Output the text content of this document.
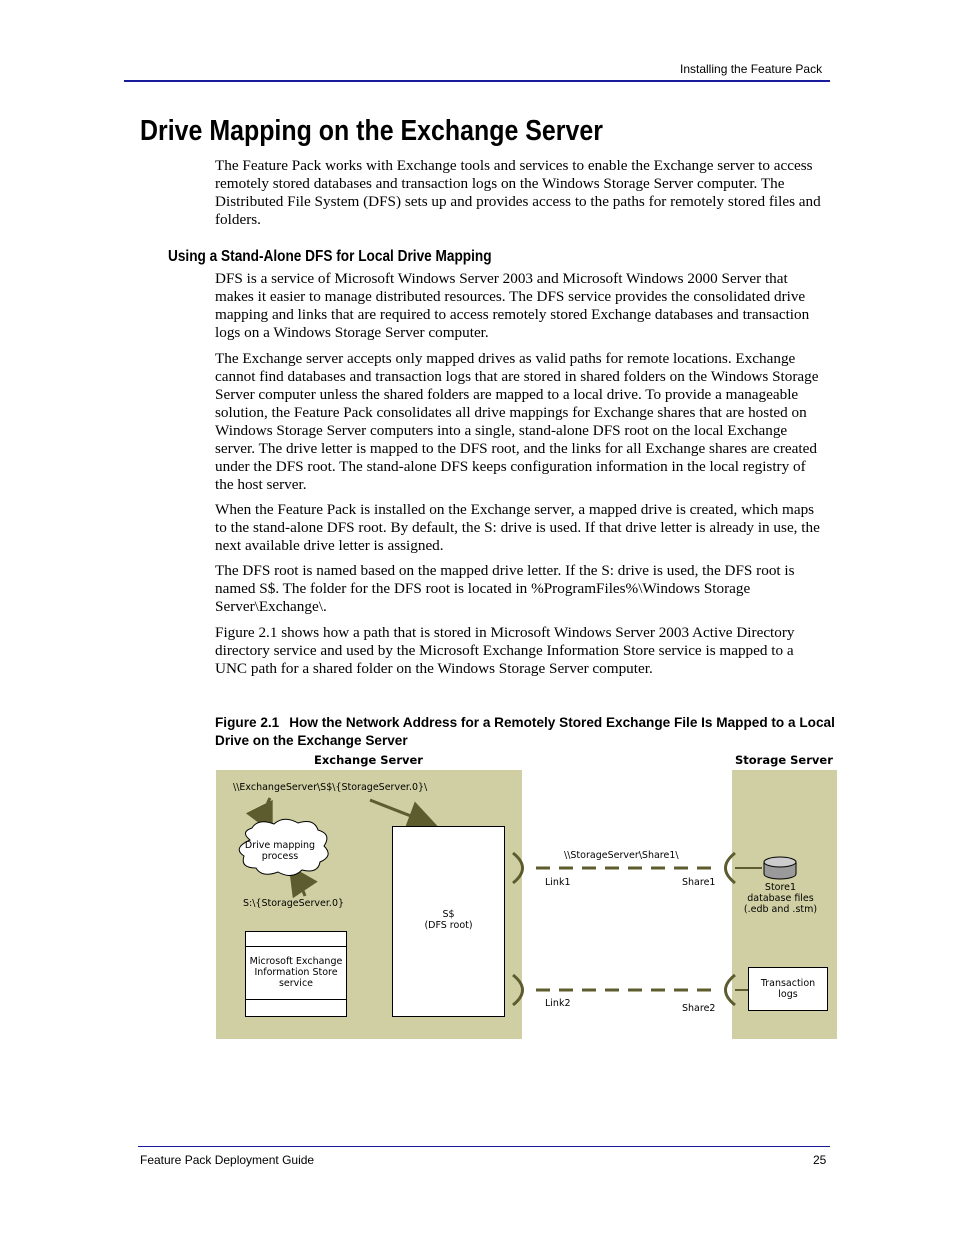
Installing the Feature Pack
Drive Mapping on the Exchange Server

The Feature Pack works with Exchange tools and services to enable the Exchange server to access remotely stored databases and transaction logs on the Windows Storage Server computer. The Distributed File System (DFS) sets up and provides access to the paths for remotely stored files and folders.

Using a Stand-Alone DFS for Local Drive Mapping

DFS is a service of Microsoft Windows Server 2003 and Microsoft Windows 2000 Server that makes it easier to manage distributed resources. The DFS service provides the consolidated drive mapping and links that are required to access remotely stored Exchange databases and transaction logs on a Windows Storage Server computer.

The Exchange server accepts only mapped drives as valid paths for remote locations. Exchange cannot find databases and transaction logs that are stored in shared folders on the Windows Storage Server computer unless the shared folders are mapped to a local drive. To provide a manageable solution, the Feature Pack consolidates all drive mappings for Exchange shares that are hosted on Windows Storage Server computers into a single, stand-alone DFS root on the local Exchange server. The drive letter is mapped to the DFS root, and the links for all Exchange shares are created under the DFS root. The stand-alone DFS keeps configuration information in the local registry of the host server.

When the Feature Pack is installed on the Exchange server, a mapped drive is created, which maps to the stand-alone DFS root. By default, the S: drive is used. If that drive letter is already in use, the next available drive letter is assigned.

The DFS root is named based on the mapped drive letter. If the S: drive is used, the DFS root is named S$. The folder for the DFS root is located in %ProgramFiles%\Windows Storage Server\Exchange\.

Figure 2.1 shows how a path that is stored in Microsoft Windows Server 2003 Active Directory directory service and used by the Microsoft Exchange Information Store service is mapped to a UNC path for a shared folder on the Windows Storage Server computer.

Figure 2.1 How the Network Address for a Remotely Stored Exchange File Is Mapped to a Local Drive on the Exchange Server
Exchange Server	Storage Server
\\ExchangeServer\S$\{StorageServer.0}\
Drive mapping process
S:\{StorageServer.0}
Microsoft Exchange Information Store service
S$
(DFS root)
\\StorageServer\Share1\
Link1	Share1
Link2	Share2
Store1
database files
(.edb and .stm)
Transaction logs
Feature Pack Deployment Guide	25
